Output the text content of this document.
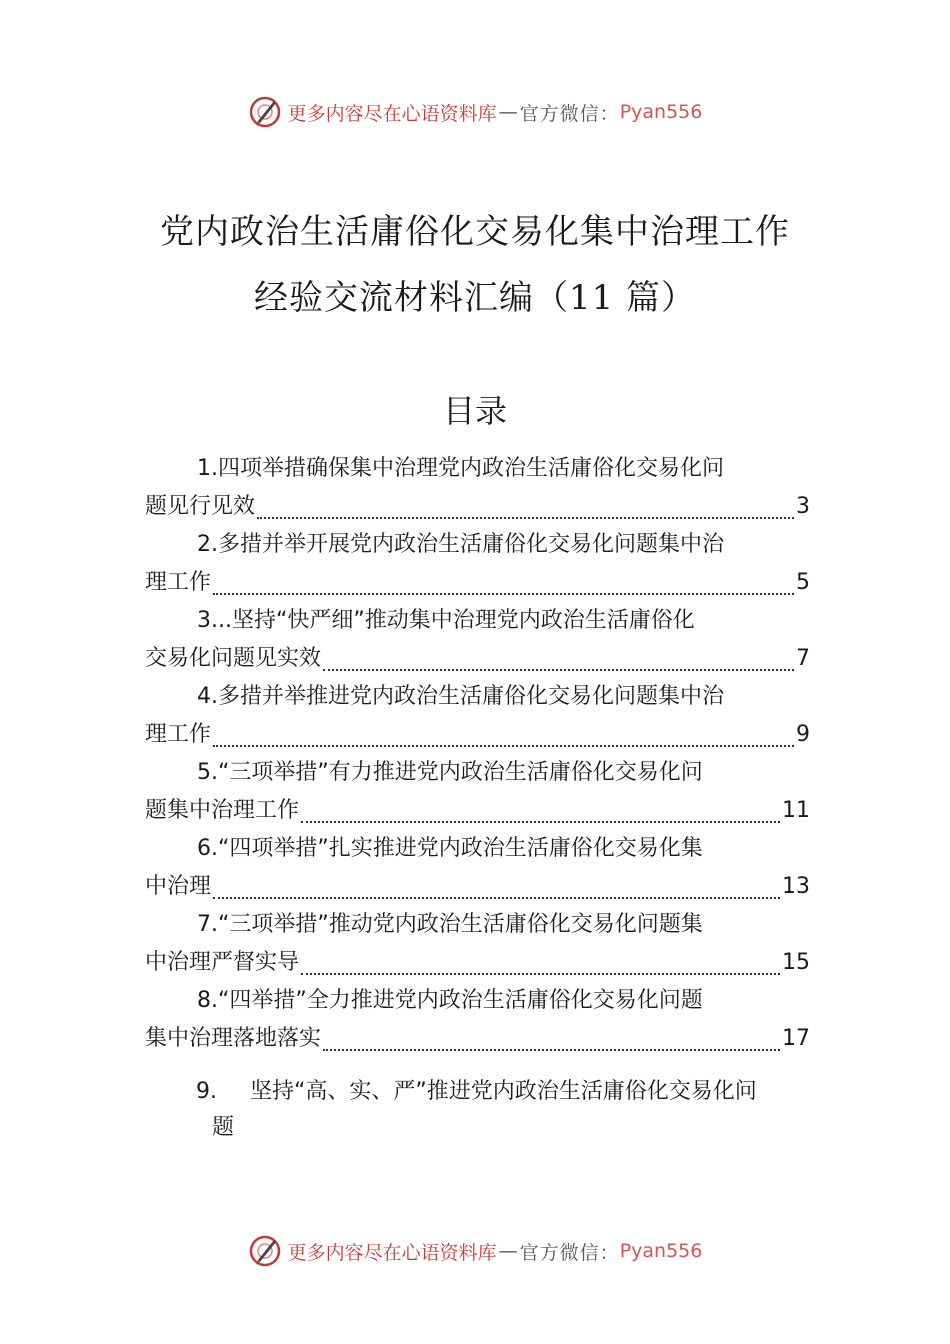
更多内容尽在心语资料库 — 官方微信： Pyan556
党内政治生活庸俗化交易化集中治理工作
经验交流材料汇编（11 篇）
目录
1.四项举措确保集中治理党内政治生活庸俗化交易化问
题见行见效	3
2.多措并举开展党内政治生活庸俗化交易化问题集中治
理工作	5
3...坚持“快严细”推动集中治理党内政治生活庸俗化
交易化问题见实效	7
4.多措并举推进党内政治生活庸俗化交易化问题集中治
理工作	9
5.“三项举措”有力推进党内政治生活庸俗化交易化问
题集中治理工作	11
6.“四项举措”扎实推进党内政治生活庸俗化交易化集
中治理	13
7.“三项举措”推动党内政治生活庸俗化交易化问题集
中治理严督实导	15
8.“四举措”全力推进党内政治生活庸俗化交易化问题
集中治理落地落实	17
9. 坚持“高、实、严”推进党内政治生活庸俗化交易化问
题
更多内容尽在心语资料库 — 官方微信： Pyan556
